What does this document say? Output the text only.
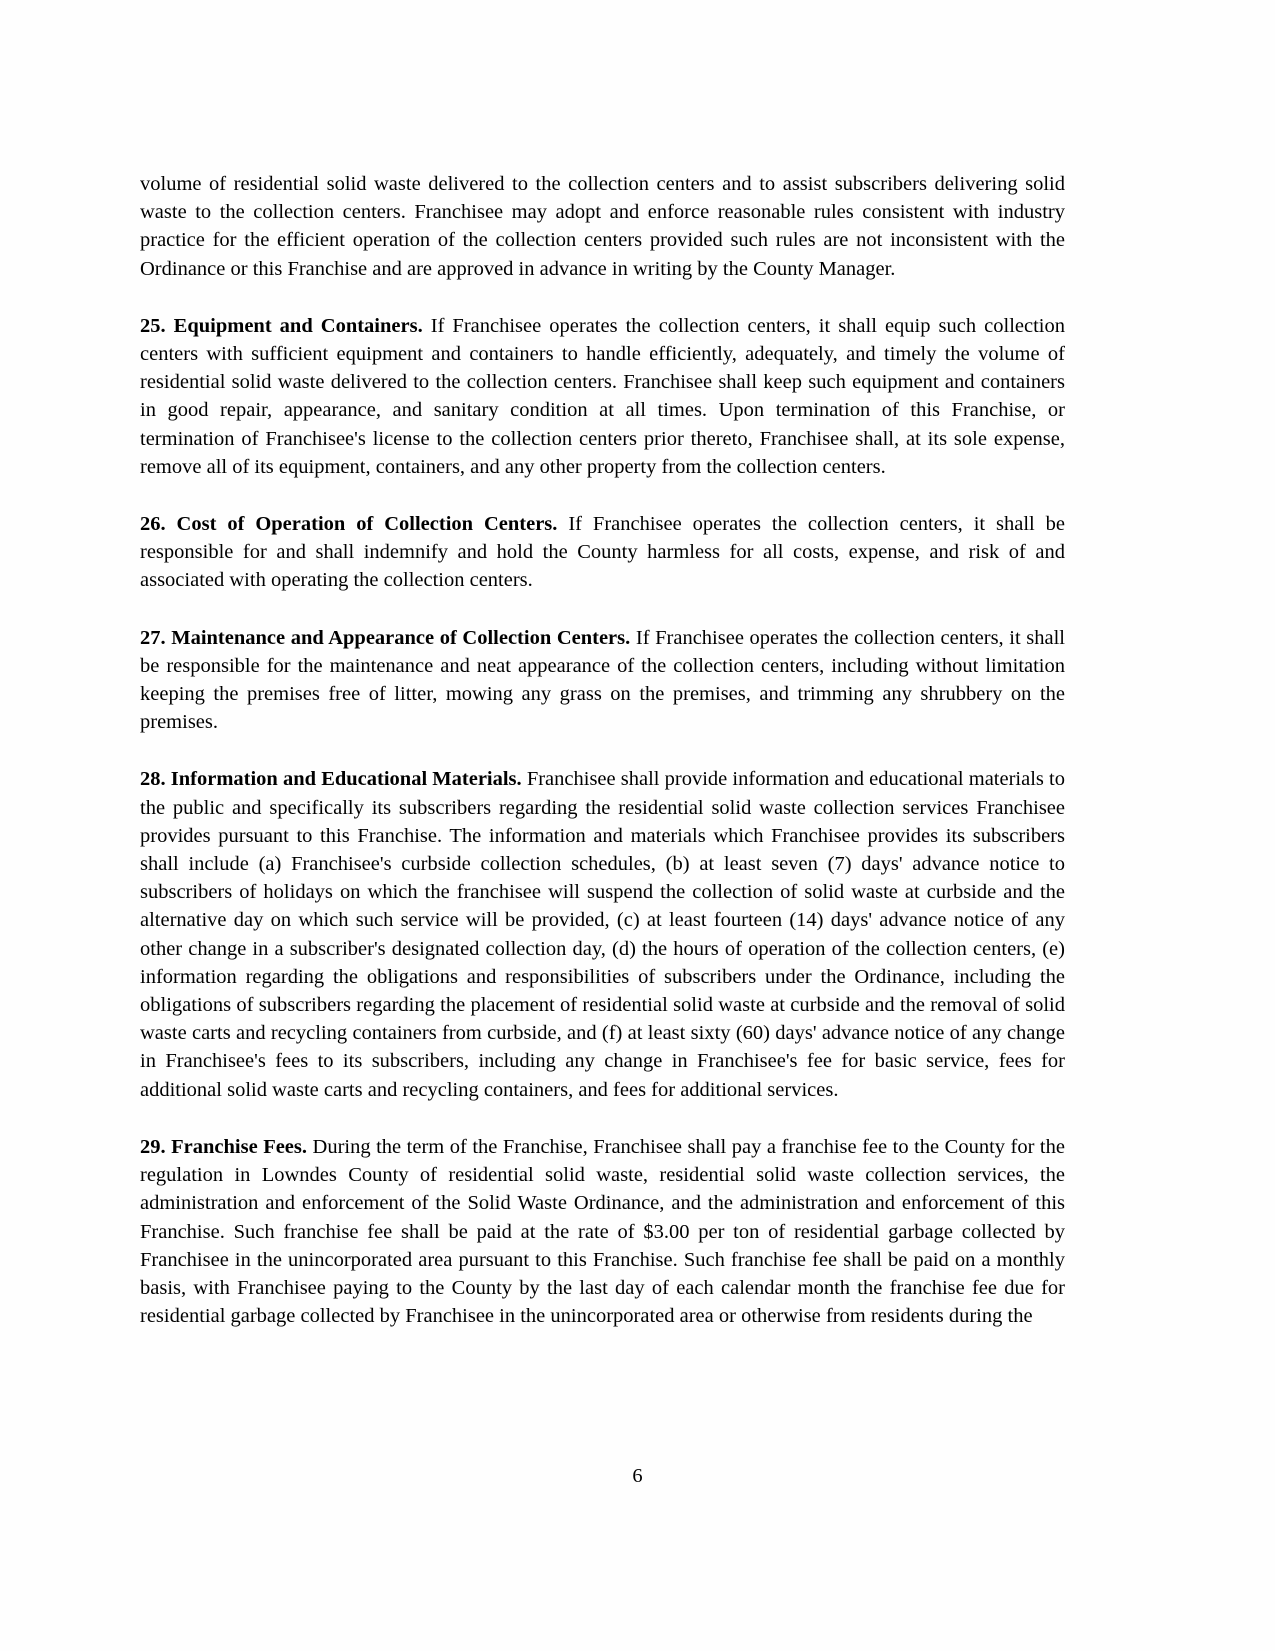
volume of residential solid waste delivered to the collection centers and to assist subscribers delivering solid waste to the collection centers. Franchisee may adopt and enforce reasonable rules consistent with industry practice for the efficient operation of the collection centers provided such rules are not inconsistent with the Ordinance or this Franchise and are approved in advance in writing by the County Manager.

25. Equipment and Containers. If Franchisee operates the collection centers, it shall equip such collection centers with sufficient equipment and containers to handle efficiently, adequately, and timely the volume of residential solid waste delivered to the collection centers. Franchisee shall keep such equipment and containers in good repair, appearance, and sanitary condition at all times. Upon termination of this Franchise, or termination of Franchisee's license to the collection centers prior thereto, Franchisee shall, at its sole expense, remove all of its equipment, containers, and any other property from the collection centers.

26. Cost of Operation of Collection Centers. If Franchisee operates the collection centers, it shall be responsible for and shall indemnify and hold the County harmless for all costs, expense, and risk of and associated with operating the collection centers.

27. Maintenance and Appearance of Collection Centers. If Franchisee operates the collection centers, it shall be responsible for the maintenance and neat appearance of the collection centers, including without limitation keeping the premises free of litter, mowing any grass on the premises, and trimming any shrubbery on the premises.

28. Information and Educational Materials. Franchisee shall provide information and educational materials to the public and specifically its subscribers regarding the residential solid waste collection services Franchisee provides pursuant to this Franchise. The information and materials which Franchisee provides its subscribers shall include (a) Franchisee's curbside collection schedules, (b) at least seven (7) days' advance notice to subscribers of holidays on which the franchisee will suspend the collection of solid waste at curbside and the alternative day on which such service will be provided, (c) at least fourteen (14) days' advance notice of any other change in a subscriber's designated collection day, (d) the hours of operation of the collection centers, (e) information regarding the obligations and responsibilities of subscribers under the Ordinance, including the obligations of subscribers regarding the placement of residential solid waste at curbside and the removal of solid waste carts and recycling containers from curbside, and (f) at least sixty (60) days' advance notice of any change in Franchisee's fees to its subscribers, including any change in Franchisee's fee for basic service, fees for additional solid waste carts and recycling containers, and fees for additional services.

29. Franchise Fees. During the term of the Franchise, Franchisee shall pay a franchise fee to the County for the regulation in Lowndes County of residential solid waste, residential solid waste collection services, the administration and enforcement of the Solid Waste Ordinance, and the administration and enforcement of this Franchise. Such franchise fee shall be paid at the rate of $3.00 per ton of residential garbage collected by Franchisee in the unincorporated area pursuant to this Franchise. Such franchise fee shall be paid on a monthly basis, with Franchisee paying to the County by the last day of each calendar month the franchise fee due for residential garbage collected by Franchisee in the unincorporated area or otherwise from residents during the

6
